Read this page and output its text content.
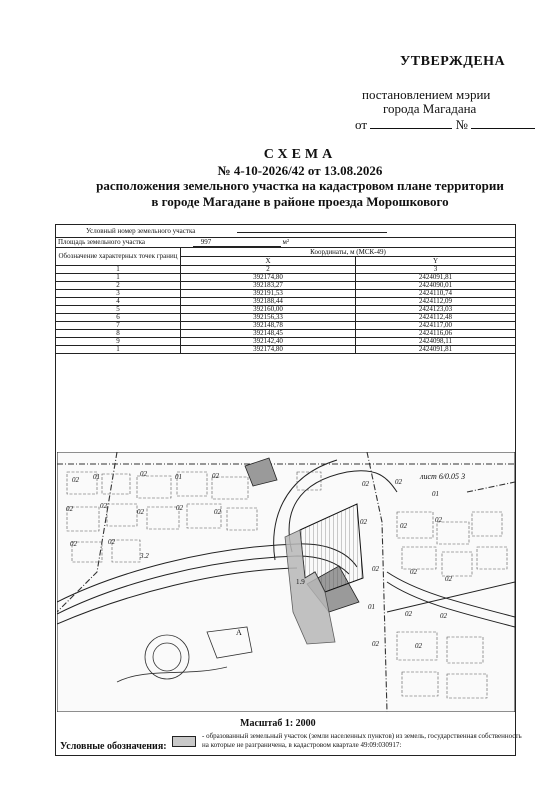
УТВЕРЖДЕНА
постановлением мэрии
города Магадана
от	№
СХЕМА
№ 4-10-2026/42 от 13.08.2026
расположения земельного участка на кадастровом плане территории
в городе Магадане в районе проезда Морошкового
Условный номер земельного участка		
Площадь земельного участка 997 м²		
Обозначение характерных точек границ	Координаты, м (МСК-49)	
	X	Y
1	2	3
1	392174,80	2424091,81
2	392183,27	2424090,01
3	392191,53	2424110,74
4	392188,44	2424112,09
5	392160,00	2424123,03
6	392156,33	2424112,48
7	392148,78	2424117,00
8	392148,45	2424116,06
9	392142,40	2424098,11
1	392174,80	2424091,81
лист 6/0.05 3
3.2
A
1.9
02 01	02	01	02
02	02
02	02	02
02	02
02	02
01
02	02
02
02	02
02
01
02	02
02	02
Масштаб 1: 2000
Условные обозначения:
- образованный земельный участок (земли населенных пунктов) из земель, государственная собственность на которые не разграничена, в кадастровом квартале 49:09:030917:
